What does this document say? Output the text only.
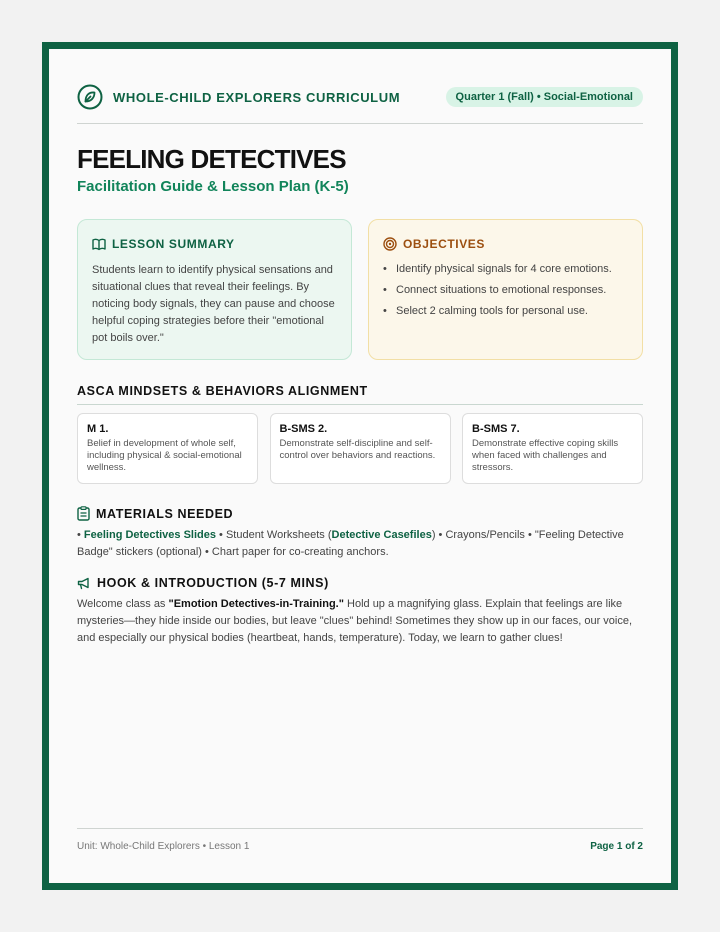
WHOLE-CHILD EXPLORERS CURRICULUM	Quarter 1 (Fall) • Social-Emotional
FEELING DETECTIVES
Facilitation Guide & Lesson Plan (K-5)
LESSON SUMMARY

Students learn to identify physical sensations and situational clues that reveal their feelings. By noticing body signals, they can pause and choose helpful coping strategies before their "emotional pot boils over."

OBJECTIVES
• Identify physical signals for 4 core emotions.
• Connect situations to emotional responses.
• Select 2 calming tools for personal use.
ASCA MINDSETS & BEHAVIORS ALIGNMENT
M 1.
Belief in development of whole self, including physical & social-emotional wellness.
B-SMS 2.
Demonstrate self-discipline and self-control over behaviors and reactions.
B-SMS 7.
Demonstrate effective coping skills when faced with challenges and stressors.
MATERIALS NEEDED

• Feeling Detectives Slides • Student Worksheets (Detective Casefiles) • Crayons/Pencils • "Feeling Detective Badge" stickers (optional) • Chart paper for co-creating anchors.

HOOK & INTRODUCTION (5-7 MINS)

Welcome class as "Emotion Detectives-in-Training." Hold up a magnifying glass. Explain that feelings are like mysteries—they hide inside our bodies, but leave "clues" behind! Sometimes they show up in our faces, our voice, and especially our physical bodies (heartbeat, hands, temperature). Today, we learn to gather clues!

Unit: Whole-Child Explorers • Lesson 1	Page 1 of 2
